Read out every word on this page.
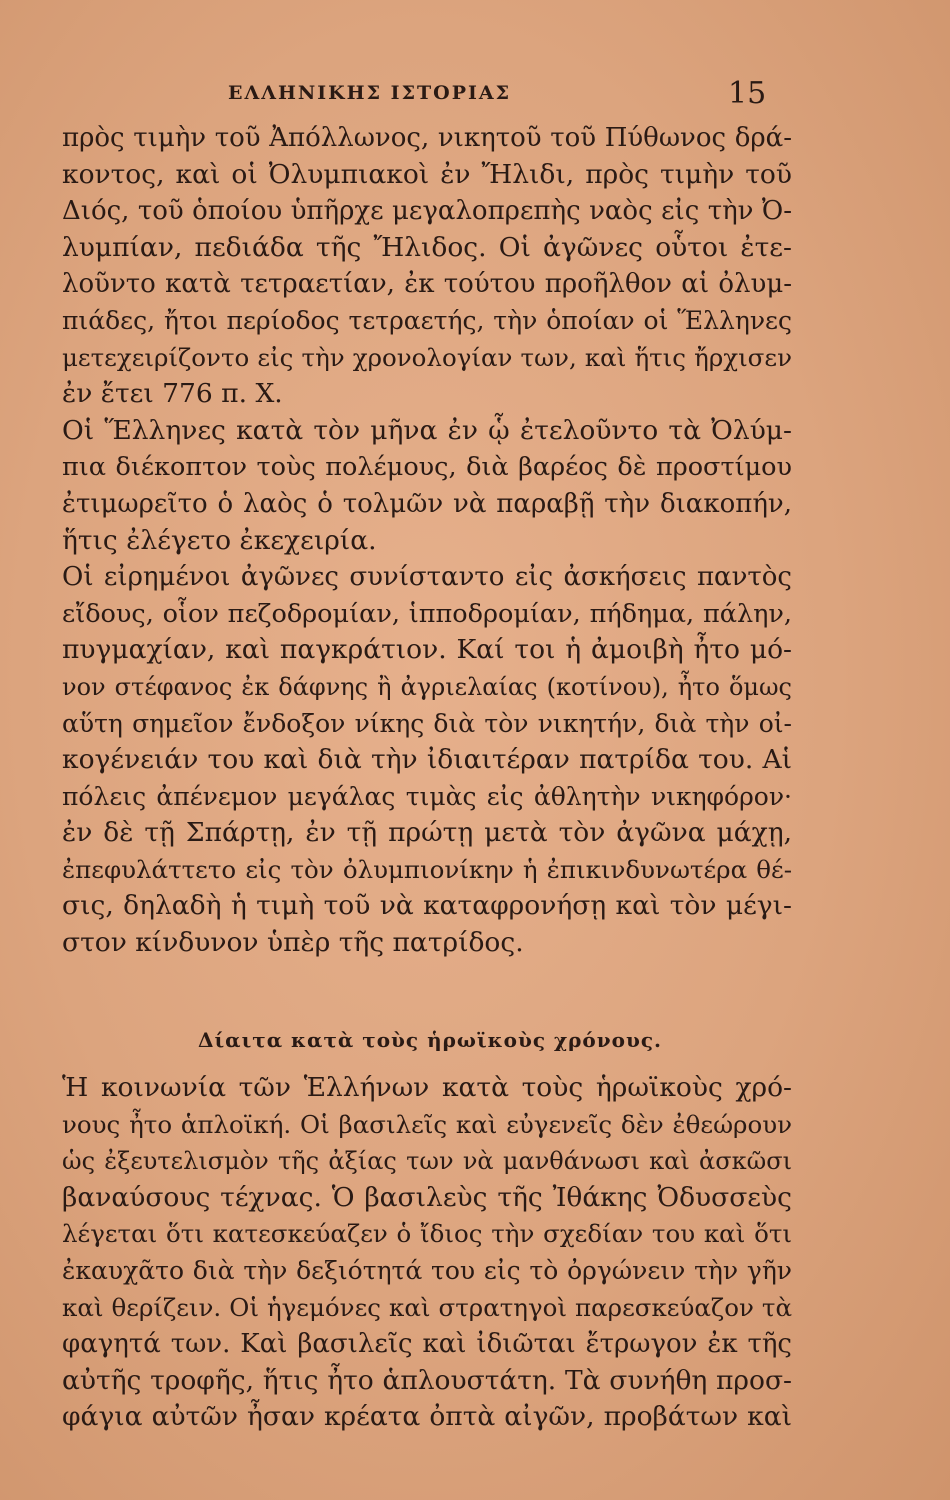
ΕΛΛΗΝΙΚΗΣ ΙΣΤΟΡΙΑΣ	15
πρὸς τιμὴν τοῦ Ἀπόλλωνος, νικητοῦ τοῦ Πύθωνος δρά-
κοντος, καὶ οἱ Ὀλυμπιακοὶ ἐν Ἤλιδι, πρὸς τιμὴν τοῦ
Διός, τοῦ ὁποίου ὑπῆρχε μεγαλοπρεπὴς ναὸς εἰς τὴν Ὀ-
λυμπίαν, πεδιάδα τῆς Ἤλιδος. Οἱ ἀγῶνες οὗτοι ἐτε-
λοῦντο κατὰ τετραετίαν, ἐκ τούτου προῆλθον αἱ ὀλυμ-
πιάδες, ἤτοι περίοδος τετραετής, τὴν ὁποίαν οἱ Ἕλληνες
μετεχειρίζοντο εἰς τὴν χρονολογίαν των, καὶ ἥτις ἤρχισεν
ἐν ἔτει 776 π. Χ.
Οἱ Ἕλληνες κατὰ τὸν μῆνα ἐν ᾧ ἐτελοῦντο τὰ Ὀλύμ-
πια διέκοπτον τοὺς πολέμους, διὰ βαρέος δὲ προστίμου
ἐτιμωρεῖτο ὁ λαὸς ὁ τολμῶν νὰ παραβῇ τὴν διακοπήν,
ἥτις ἐλέγετο ἐκεχειρία.
Οἱ εἰρημένοι ἀγῶνες συνίσταντο εἰς ἀσκήσεις παντὸς
εἴδους, οἷον πεζοδρομίαν, ἱπποδρομίαν, πήδημα, πάλην,
πυγμαχίαν, καὶ παγκράτιον. Καί τοι ἡ ἀμοιβὴ ἦτο μό-
νον στέφανος ἐκ δάφνης ἢ ἀγριελαίας (κοτίνου), ἦτο ὅμως
αὕτη σημεῖον ἔνδοξον νίκης διὰ τὸν νικητήν, διὰ τὴν οἰ-
κογένειάν του καὶ διὰ τὴν ἰδιαιτέραν πατρίδα του. Αἱ
πόλεις ἀπένεμον μεγάλας τιμὰς εἰς ἀθλητὴν νικηφόρον·
ἐν δὲ τῇ Σπάρτῃ, ἐν τῇ πρώτῃ μετὰ τὸν ἀγῶνα μάχῃ,
ἐπεφυλάττετο εἰς τὸν ὀλυμπιονίκην ἡ ἐπικινδυνωτέρα θέ-
σις, δηλαδὴ ἡ τιμὴ τοῦ νὰ καταφρονήσῃ καὶ τὸν μέγι-
στον κίνδυνον ὑπὲρ τῆς πατρίδος.
Δίαιτα κατὰ τοὺς ἡρωϊκοὺς χρόνους.
Ἡ κοινωνία τῶν Ἑλλήνων κατὰ τοὺς ἡρωϊκοὺς χρό-
νους ἦτο ἁπλοϊκή. Οἱ βασιλεῖς καὶ εὐγενεῖς δὲν ἐθεώρουν
ὡς ἐξευτελισμὸν τῆς ἀξίας των νὰ μανθάνωσι καὶ ἀσκῶσι
βαναύσους τέχνας. Ὁ βασιλεὺς τῆς Ἰθάκης Ὀδυσσεὺς
λέγεται ὅτι κατεσκεύαζεν ὁ ἴδιος τὴν σχεδίαν του καὶ ὅτι
ἐκαυχᾶτο διὰ τὴν δεξιότητά του εἰς τὸ ὀργώνειν τὴν γῆν
καὶ θερίζειν. Οἱ ἡγεμόνες καὶ στρατηγοὶ παρεσκεύαζον τὰ
φαγητά των. Καὶ βασιλεῖς καὶ ἰδιῶται ἔτρωγον ἐκ τῆς
αὐτῆς τροφῆς, ἥτις ἦτο ἁπλουστάτη. Τὰ συνήθη προσ-
φάγια αὐτῶν ἦσαν κρέατα ὀπτὰ αἰγῶν, προβάτων καὶ
